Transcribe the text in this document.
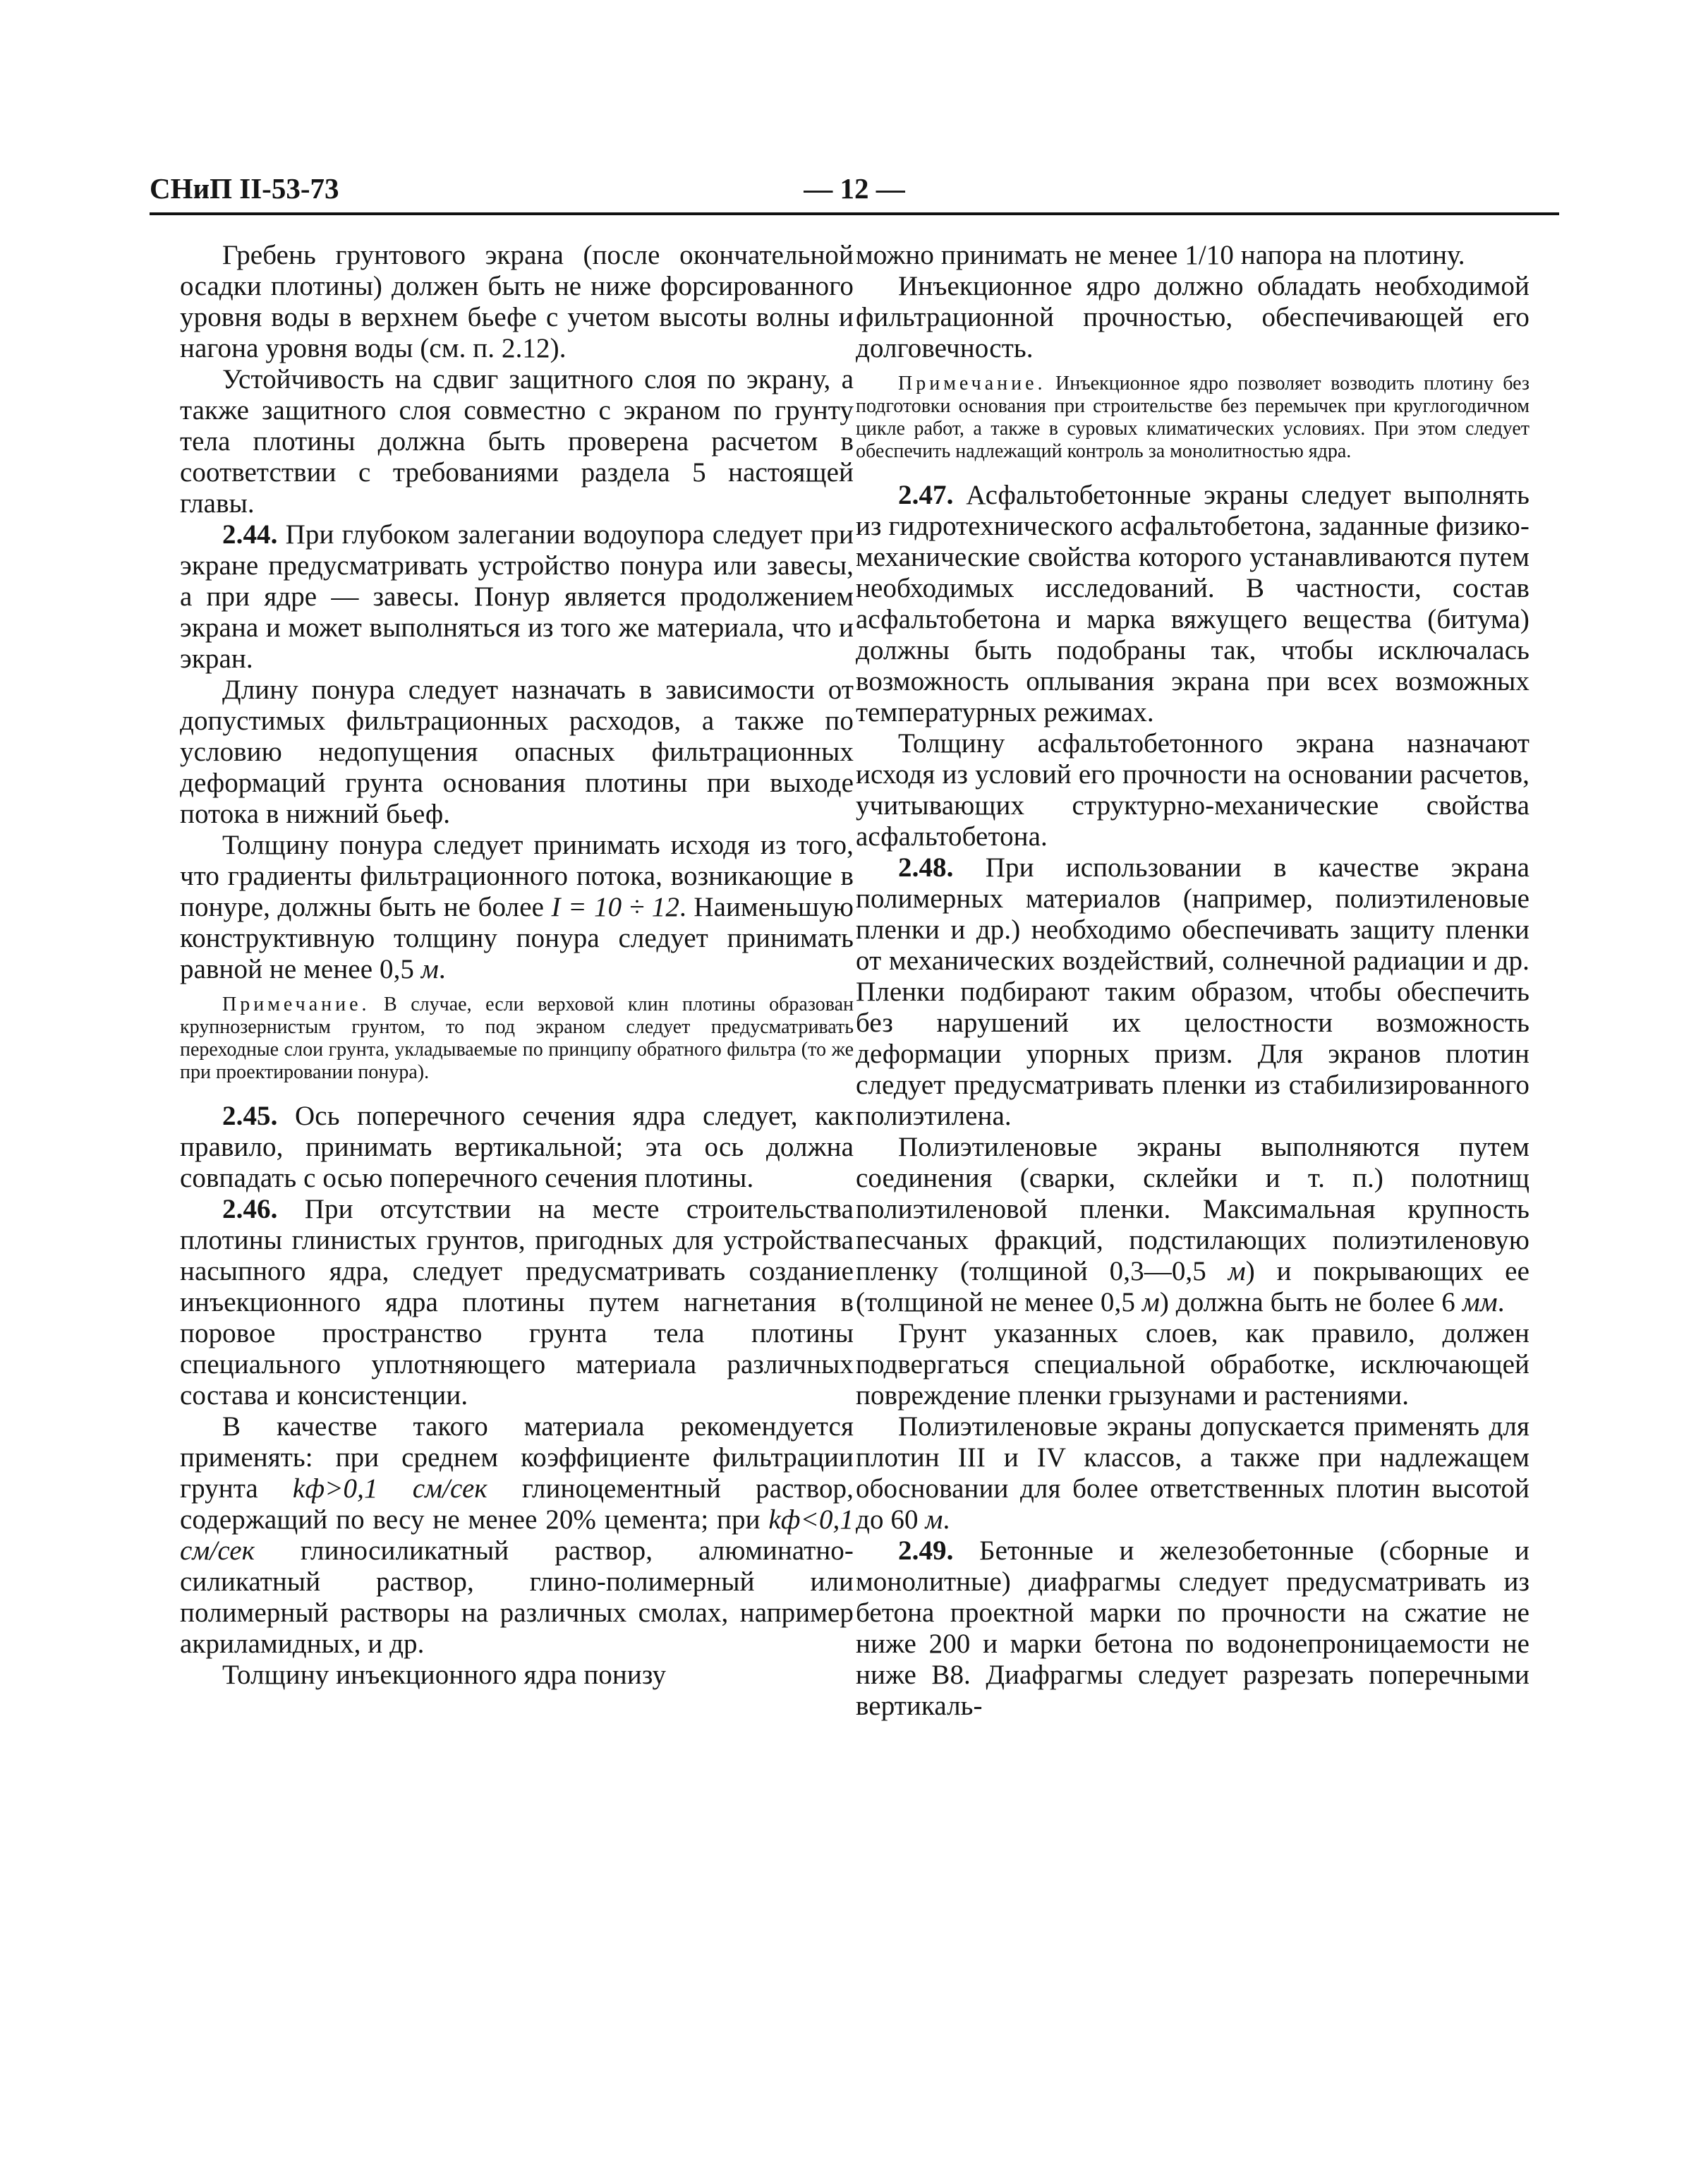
СНиП II-53-73	— 12 —

Гребень грунтового экрана (после окончательной осадки плотины) должен быть не ниже форсированного уровня воды в верхнем бьефе с учетом высоты волны и нагона уровня воды (см. п. 2.12).

Устойчивость на сдвиг защитного слоя по экрану, а также защитного слоя совместно с экраном по грунту тела плотины должна быть проверена расчетом в соответствии с требованиями раздела 5 настоящей главы.

2.44. При глубоком залегании водоупора следует при экране предусматривать устройство понура или завесы, а при ядре — завесы. Понур является продолжением экрана и может выполняться из того же материала, что и экран.

Длину понура следует назначать в зависимости от допустимых фильтрационных расходов, а также по условию недопущения опасных фильтрационных деформаций грунта основания плотины при выходе потока в нижний бьеф.

Толщину понура следует принимать исходя из того, что градиенты фильтрационного потока, возникающие в понуре, должны быть не более I = 10 ÷ 12. Наименьшую конструктивную толщину понура следует принимать равной не менее 0,5 м.

Примечание. В случае, если верховой клин плотины образован крупнозернистым грунтом, то под экраном следует предусматривать переходные слои грунта, укладываемые по принципу обратного фильтра (то же при проектировании понура).

2.45. Ось поперечного сечения ядра следует, как правило, принимать вертикальной; эта ось должна совпадать с осью поперечного сечения плотины.

2.46. При отсутствии на месте строительства плотины глинистых грунтов, пригодных для устройства насыпного ядра, следует предусматривать создание инъекционного ядра плотины путем нагнетания в поровое пространство грунта тела плотины специального уплотняющего материала различных состава и консистенции.

В качестве такого материала рекомендуется применять: при среднем коэффициенте фильтрации грунта kф>0,1 см/сек глиноцементный раствор, содержащий по весу не менее 20% цемента; при kф<0,1 см/сек глиносиликатный раствор, алюминатно-силикатный раствор, глино-полимерный или полимерный растворы на различных смолах, например акриламидных, и др.

Толщину инъекционного ядра понизу

можно принимать не менее 1/10 напора на плотину.

Инъекционное ядро должно обладать необходимой фильтрационной прочностью, обеспечивающей его долговечность.

Примечание. Инъекционное ядро позволяет возводить плотину без подготовки основания при строительстве без перемычек при круглогодичном цикле работ, а также в суровых климатических условиях. При этом следует обеспечить надлежащий контроль за монолитностью ядра.

2.47. Асфальтобетонные экраны следует выполнять из гидротехнического асфальтобетона, заданные физико-механические свойства которого устанавливаются путем необходимых исследований. В частности, состав асфальтобетона и марка вяжущего вещества (битума) должны быть подобраны так, чтобы исключалась возможность оплывания экрана при всех возможных температурных режимах.

Толщину асфальтобетонного экрана назначают исходя из условий его прочности на основании расчетов, учитывающих структурно-механические свойства асфальтобетона.

2.48. При использовании в качестве экрана полимерных материалов (например, полиэтиленовые пленки и др.) необходимо обеспечивать защиту пленки от механических воздействий, солнечной радиации и др. Пленки подбирают таким образом, чтобы обеспечить без нарушений их целостности возможность деформации упорных призм. Для экранов плотин следует предусматривать пленки из стабилизированного полиэтилена.

Полиэтиленовые экраны выполняются путем соединения (сварки, склейки и т. п.) полотнищ полиэтиленовой пленки. Максимальная крупность песчаных фракций, подстилающих полиэтиленовую пленку (толщиной 0,3—0,5 м) и покрывающих ее (толщиной не менее 0,5 м) должна быть не более 6 мм.

Грунт указанных слоев, как правило, должен подвергаться специальной обработке, исключающей повреждение пленки грызунами и растениями.

Полиэтиленовые экраны допускается применять для плотин III и IV классов, а также при надлежащем обосновании для более ответственных плотин высотой до 60 м.

2.49. Бетонные и железобетонные (сборные и монолитные) диафрагмы следует предусматривать из бетона проектной марки по прочности на сжатие не ниже 200 и марки бетона по водонепроницаемости не ниже В8. Диафрагмы следует разрезать поперечными вертикаль-
